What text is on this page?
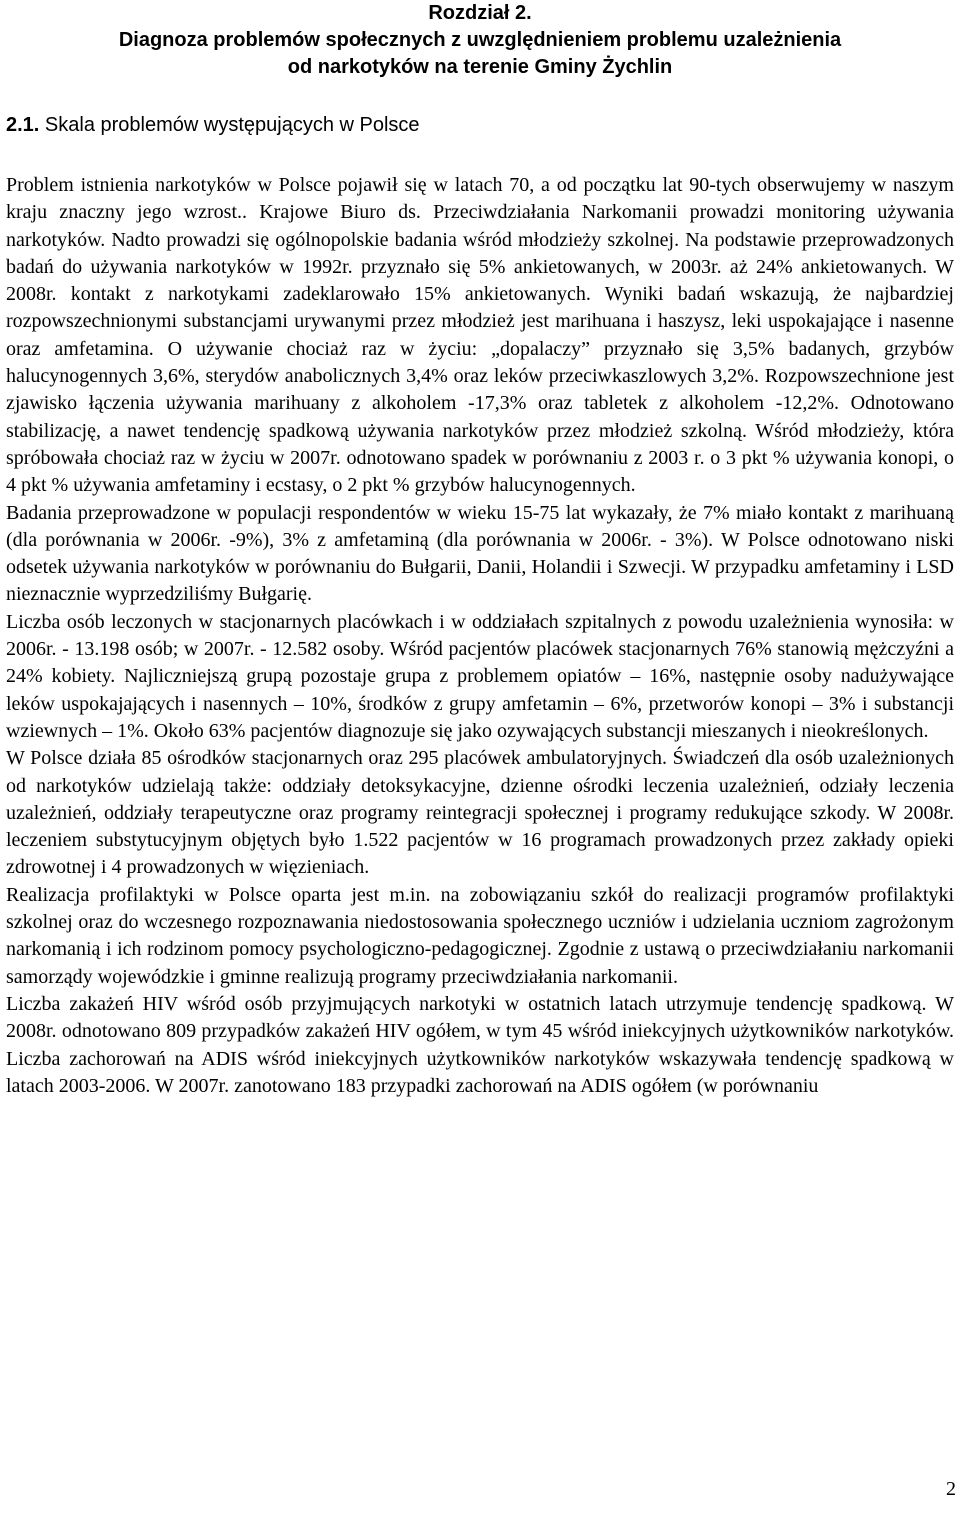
Rozdział 2.

Diagnoza problemów społecznych z uwzględnieniem problemu uzależnienia

od narkotyków na terenie Gminy Żychlin

2.1. Skala problemów występujących w Polsce

Problem istnienia narkotyków w Polsce pojawił się w latach 70, a od początku lat 90-tych obserwujemy w naszym kraju znaczny jego wzrost.. Krajowe Biuro ds. Przeciwdziałania Narkomanii prowadzi monitoring używania narkotyków. Nadto prowadzi się ogólnopolskie badania wśród młodzieży szkolnej. Na podstawie przeprowadzonych badań do używania narkotyków w 1992r. przyznało się 5% ankietowanych, w 2003r. aż 24% ankietowanych. W 2008r. kontakt z narkotykami zadeklarowało 15% ankietowanych. Wyniki badań wskazują, że najbardziej rozpowszechnionymi substancjami urywanymi przez młodzież jest marihuana i haszysz, leki uspokajające i nasenne oraz amfetamina. O używanie chociaż raz w życiu: „dopalaczy” przyznało się 3,5% badanych, grzybów halucynogennych 3,6%, sterydów anabolicznych 3,4% oraz leków przeciwkaszlowych 3,2%. Rozpowszechnione jest zjawisko łączenia używania marihuany z alkoholem -17,3% oraz tabletek z alkoholem -12,2%. Odnotowano stabilizację, a nawet tendencję spadkową używania narkotyków przez młodzież szkolną. Wśród młodzieży, która spróbowała chociaż raz w życiu w 2007r. odnotowano spadek w porównaniu z 2003 r. o 3 pkt % używania konopi, o 4 pkt % używania amfetaminy i ecstasy, o 2 pkt % grzybów halucynogennych.

Badania przeprowadzone w populacji respondentów w wieku 15-75 lat wykazały, że 7% miało kontakt z marihuaną (dla porównania w 2006r. -9%), 3% z amfetaminą (dla porównania w 2006r. - 3%). W Polsce odnotowano niski odsetek używania narkotyków w porównaniu do Bułgarii, Danii, Holandii i Szwecji. W przypadku amfetaminy i LSD nieznacznie wyprzedziliśmy Bułgarię.

Liczba osób leczonych w stacjonarnych placówkach i w oddziałach szpitalnych z powodu uzależnienia wynosiła: w 2006r. - 13.198 osób; w 2007r. - 12.582 osoby. Wśród pacjentów placówek stacjonarnych 76% stanowią mężczyźni a 24% kobiety. Najliczniejszą grupą pozostaje grupa z problemem opiatów – 16%, następnie osoby nadużywające leków uspokajających i nasennych – 10%, środków z grupy amfetamin – 6%, przetworów konopi – 3% i substancji wziewnych – 1%. Około 63% pacjentów diagnozuje się jako ozywających substancji mieszanych i nieokreślonych.

W Polsce działa 85 ośrodków stacjonarnych oraz 295 placówek ambulatoryjnych. Świadczeń dla osób uzależnionych od narkotyków udzielają także: oddziały detoksykacyjne, dzienne ośrodki leczenia uzależnień, odziały leczenia uzależnień, oddziały terapeutyczne oraz programy reintegracji społecznej i programy redukujące szkody. W 2008r. leczeniem substytucyjnym objętych było 1.522 pacjentów w 16 programach prowadzonych przez zakłady opieki zdrowotnej i 4 prowadzonych w więzieniach.

Realizacja profilaktyki w Polsce oparta jest m.in. na zobowiązaniu szkół do realizacji programów profilaktyki szkolnej oraz do wczesnego rozpoznawania niedostosowania społecznego uczniów i udzielania uczniom zagrożonym narkomanią i ich rodzinom pomocy psychologiczno-pedagogicznej. Zgodnie z ustawą o przeciwdziałaniu narkomanii samorządy wojewódzkie i gminne realizują programy przeciwdziałania narkomanii.

Liczba zakażeń HIV wśród osób przyjmujących narkotyki w ostatnich latach utrzymuje tendencję spadkową. W 2008r. odnotowano 809 przypadków zakażeń HIV ogółem, w tym 45 wśród iniekcyjnych użytkowników narkotyków. Liczba zachorowań na ADIS wśród iniekcyjnych użytkowników narkotyków wskazywała tendencję spadkową w latach 2003-2006. W 2007r. zanotowano 183 przypadki zachorowań na ADIS ogółem (w porównaniu

2
